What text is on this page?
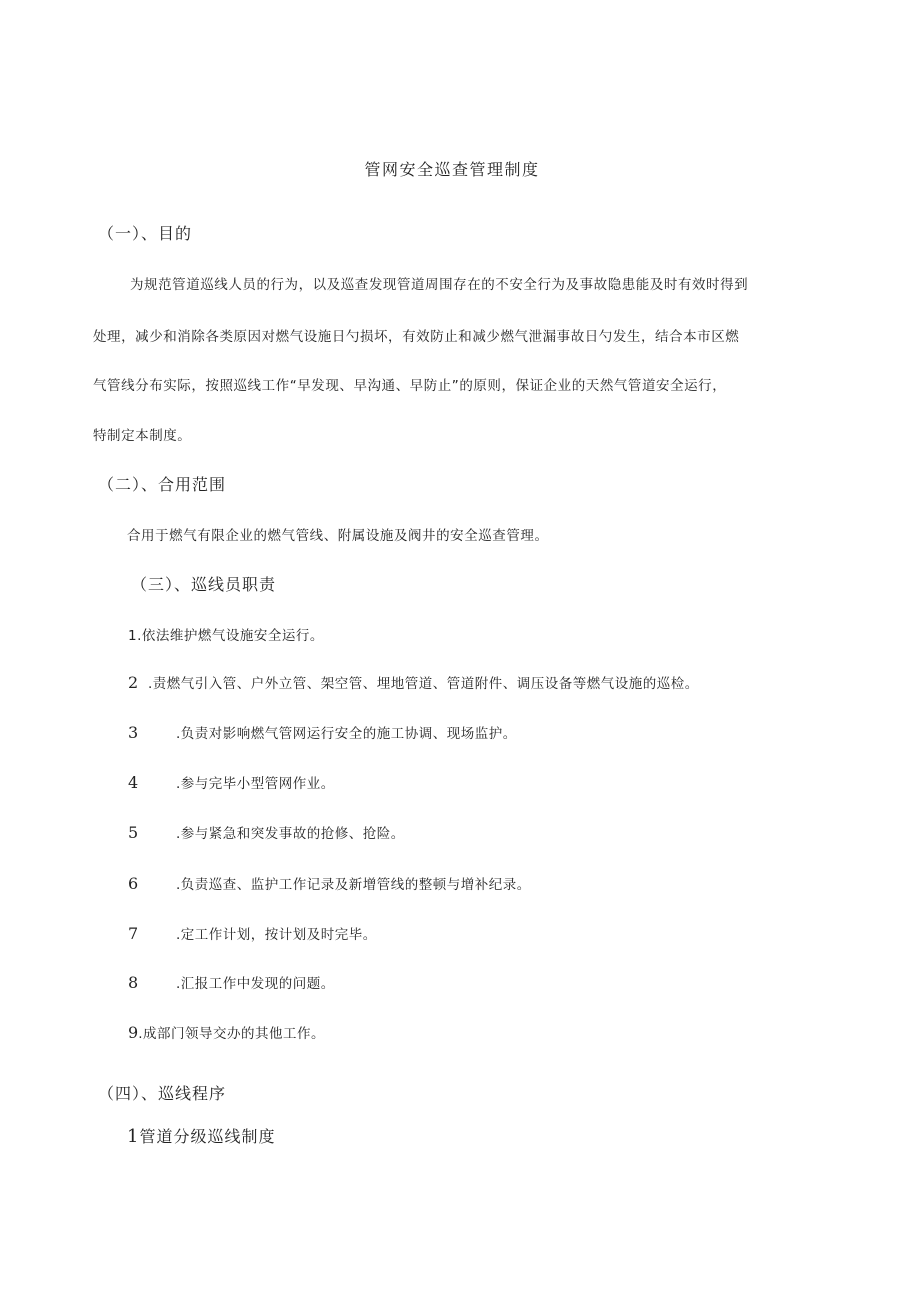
管网安全巡查管理制度
（一）、目的
为规范管道巡线人员的行为，以及巡查发现管道周围存在的不安全行为及事故隐患能及时有效时得到
处理，减少和消除各类原因对燃气设施日勺损坏，有效防止和减少燃气泄漏事故日勺发生，结合本市区燃
气管线分布实际，按照巡线工作“早发现、早沟通、早防止”的原则，保证企业的天然气管道安全运行，
特制定本制度。
（二）、合用范围
合用于燃气有限企业的燃气管线、附属设施及阀井的安全巡查管理。
（三）、巡线员职责
1.依法维护燃气设施安全运行。
2 .责燃气引入管、户外立管、架空管、埋地管道、管道附件、调压设备等燃气设施的巡检。
3	.负责对影响燃气管网运行安全的施工协调、现场监护。
4	.参与完毕小型管网作业。
5	.参与紧急和突发事故的抢修、抢险。
6	.负责巡查、监护工作记录及新增管线的整顿与增补纪录。
7	.定工作计划，按计划及时完毕。
8	.汇报工作中发现的问题。
9.成部门领导交办的其他工作。
（四）、巡线程序
1管道分级巡线制度
